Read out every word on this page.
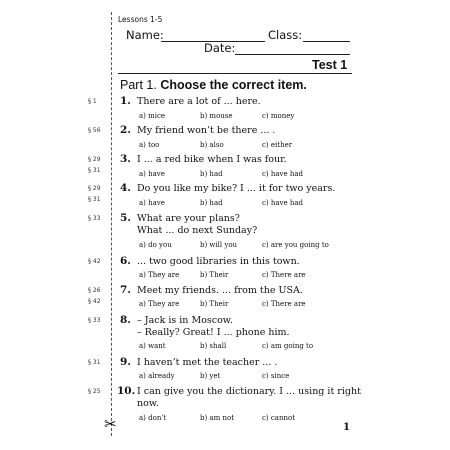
✂
Lessons 1-5
Name:	Class:
Date:
Test 1
Part 1. Choose the correct item.
§ 1 1. There are a lot of ... here.
a) mice	b) mouse	c) money
§ 56 2. My friend won’t be there ... .
a) too	b) also	c) either
§ 29
§ 31
3. I ... a red bike when I was four.
a) have	b) had	c) have had
§ 29
§ 31
4. Do you like my bike? I ... it for two years.
a) have	b) had	c) have had
§ 33 5. What are your plans?
What ... do next Sunday?
a) do you	b) will you	c) are you going to
§ 42 6. ... two good libraries in this town.
a) They are	b) Their	c) There are
§ 26
§ 42
7. Meet my friends. ... from the USA.
a) They are	b) Their	c) There are
§ 33 8. – Jack is in Moscow.
– Really? Great! I ... phone him.
a) want	b) shall	c) am going to
§ 31 9. I haven’t met the teacher ... .
a) already	b) yet	c) since
§ 25 10. I can give you the dictionary. I ... using it right
now.
a) don’t	b) am not	c) cannot
1
